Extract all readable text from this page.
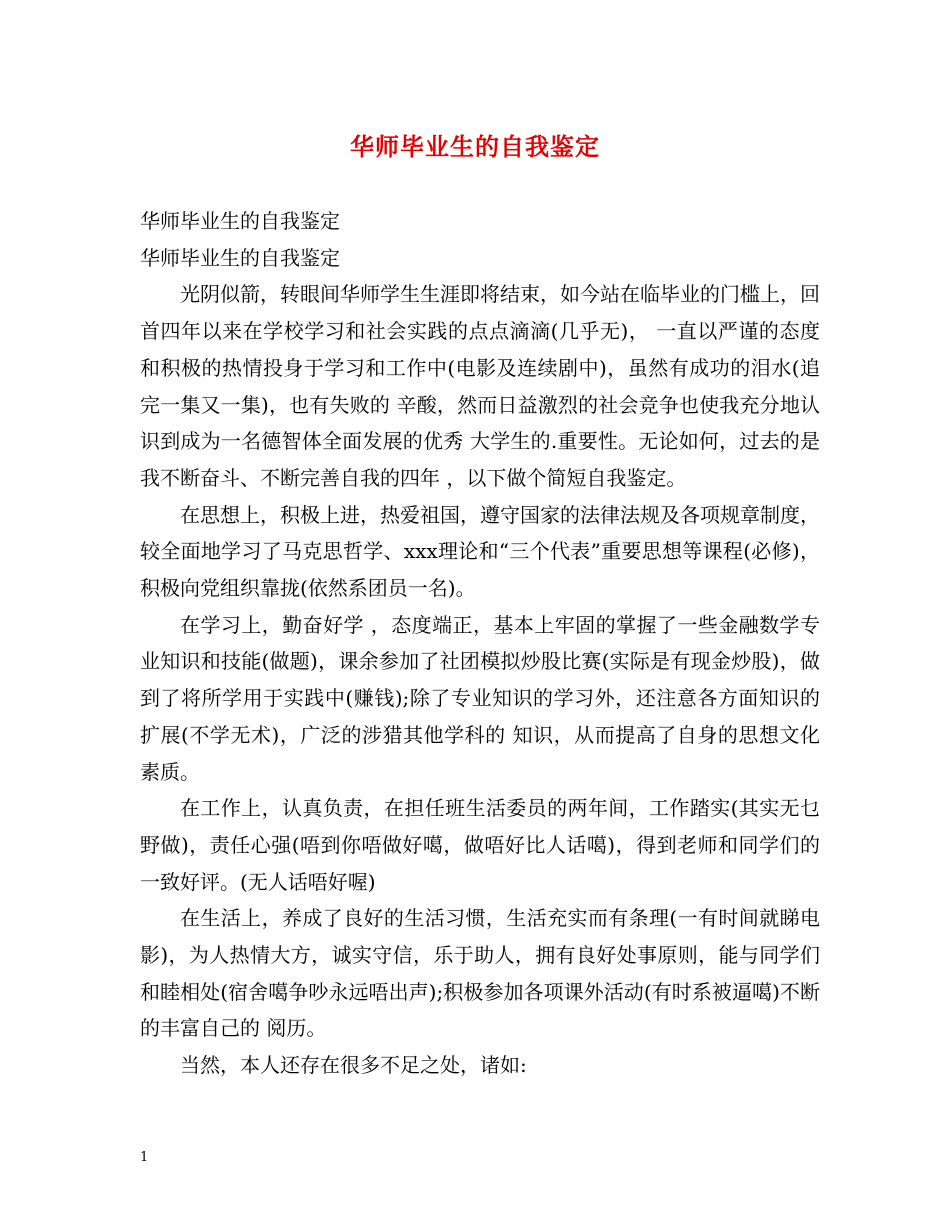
华师毕业生的自我鉴定

华师毕业生的自我鉴定

华师毕业生的自我鉴定

光阴似箭，转眼间华师学生生涯即将结束，如今站在临毕业的门槛上，回首四年以来在学校学习和社会实践的点点滴滴(几乎无)， 一直以严谨的态度和积极的热情投身于学习和工作中(电影及连续剧中)，虽然有成功的泪水(追完一集又一集)，也有失败的 辛酸，然而日益激烈的社会竞争也使我充分地认识到成为一名德智体全面发展的优秀 大学生的.重要性。无论如何，过去的是我不断奋斗、不断完善自我的四年 ，以下做个简短自我鉴定。

在思想上，积极上进，热爱祖国，遵守国家的法律法规及各项规章制度，较全面地学习了马克思哲学、xxx理论和“三个代表”重要思想等课程(必修)，积极向党组织靠拢(依然系团员一名)。

在学习上，勤奋好学 ，态度端正，基本上牢固的掌握了一些金融数学专业知识和技能(做题)，课余参加了社团模拟炒股比赛(实际是有现金炒股)，做到了将所学用于实践中(赚钱);除了专业知识的学习外，还注意各方面知识的扩展(不学无术)，广泛的涉猎其他学科的 知识，从而提高了自身的思想文化素质。

在工作上，认真负责，在担任班生活委员的两年间，工作踏实(其实无乜野做)，责任心强(唔到你唔做好噶，做唔好比人话噶)，得到老师和同学们的一致好评。(无人话唔好喔)

在生活上，养成了良好的生活习惯，生活充实而有条理(一有时间就睇电影)，为人热情大方，诚实守信，乐于助人，拥有良好处事原则，能与同学们和睦相处(宿舍噶争吵永远唔出声);积极参加各项课外活动(有时系被逼噶)不断的丰富自己的 阅历。

当然，本人还存在很多不足之处，诸如:

1
